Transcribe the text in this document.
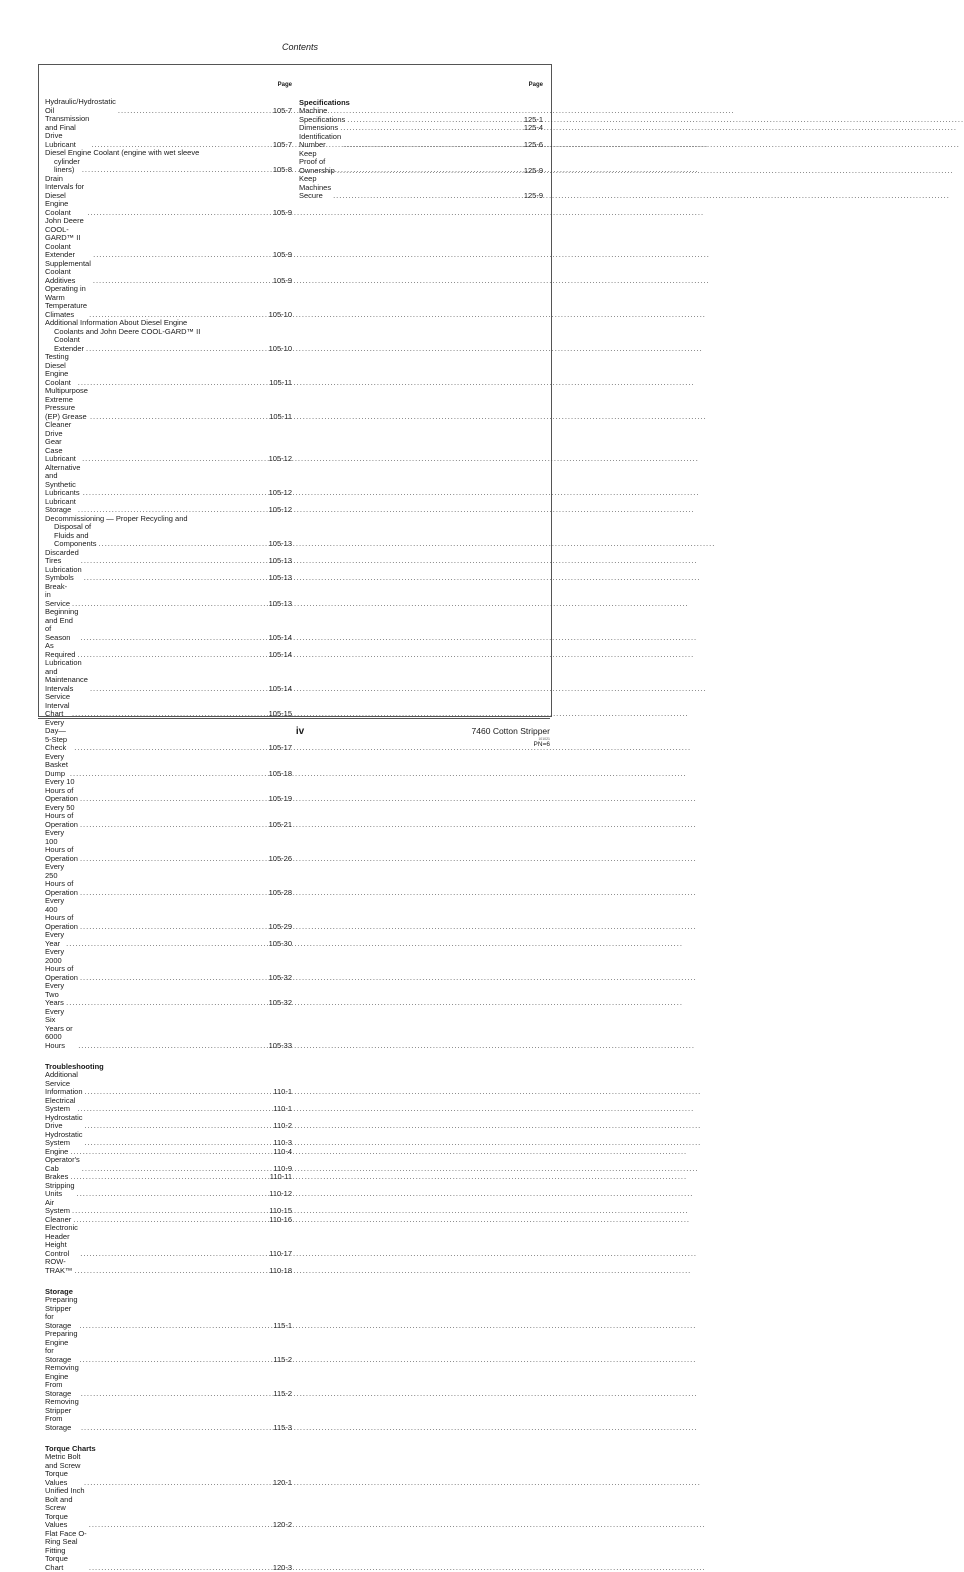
Contents
Page
Hydraulic/Hydrostatic Oil .....	105-7
Transmission and Final Drive Lubricant .....	105-7
Diesel Engine Coolant (engine with wet sleeve
cylinder liners) .....	105-8
Drain Intervals for Diesel Engine Coolant .....	105-9
John Deere COOL-GARD™ II Coolant Extender .....	105-9
Supplemental Coolant Additives .....	105-9
Operating in Warm Temperature Climates .....	105-10
Additional Information About Diesel Engine
Coolants and John Deere COOL-GARD™ II
Coolant Extender .....	105-10
Testing Diesel Engine Coolant .....	105-11
Multipurpose Extreme Pressure (EP) Grease .....	105-11
Cleaner Drive Gear Case Lubricant .....	105-12
Alternative and Synthetic Lubricants .....	105-12
Lubricant Storage .....	105-12
Decommissioning — Proper Recycling and
Disposal of Fluids and Components .....	105-13
Discarded Tires .....	105-13
Lubrication Symbols .....	105-13
Break-in Service .....	105-13
Beginning and End of Season .....	105-14
As Required .....	105-14
Lubrication and Maintenance Intervals .....	105-14
Service Interval Chart .....	105-15
Every Day—5-Step Check .....	105-17
Every Basket Dump .....	105-18
Every 10 Hours of Operation .....	105-19
Every 50 Hours of Operation .....	105-21
Every 100 Hours of Operation .....	105-26
Every 250 Hours of Operation .....	105-28
Every 400 Hours of Operation .....	105-29
Every Year .....	105-30
Every 2000 Hours of Operation .....	105-32
Every Two Years .....	105-32
Every Six Years or 6000 Hours .....	105-33
Troubleshooting
Additional Service Information .....	110-1
Electrical System .....	110-1
Hydrostatic Drive .....	110-2
Hydrostatic System .....	110-3
Engine .....	110-4
Operator's Cab .....	110-9
Brakes .....	110-11
Stripping Units .....	110-12
Air System .....	110-15
Cleaner .....	110-16
Electronic Header Height Control .....	110-17
ROW-TRAK™ .....	110-18
Storage
Preparing Stripper for Storage .....	115-1
Preparing Engine for Storage .....	115-2
Removing Engine From Storage .....	115-2
Removing Stripper From Storage .....	115-3
Torque Charts
Metric Bolt and Screw Torque Values .....	120-1
Unified Inch Bolt and Screw Torque Values .....	120-2
Flat Face O-Ring Seal Fitting Torque Chart .....	120-3
Page
Specifications
Machine Specifications .....	125-1
Dimensions .....	125-4
Identification Number .....	125-6
Keep Proof of Ownership .....	125-9
Keep Machines Secure .....	125-9
iv	7460 Cotton Stripper
101021
PN=6
